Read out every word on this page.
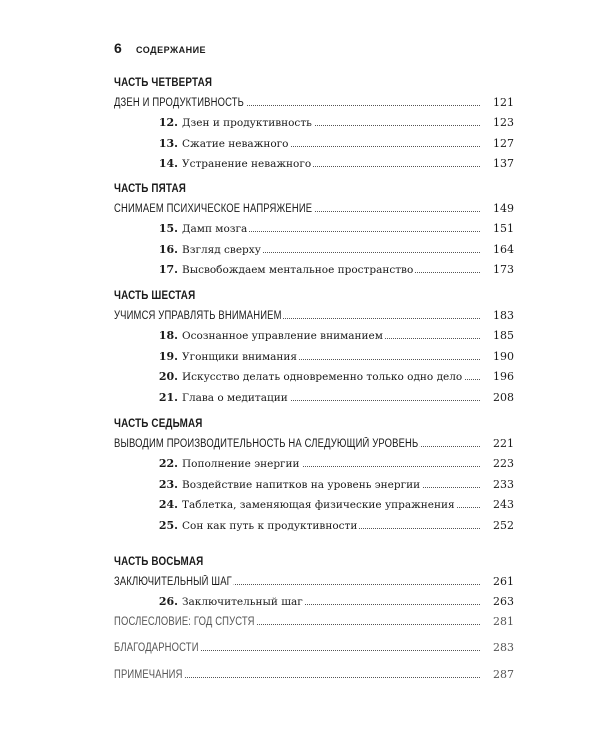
6	СОДЕРЖАНИЕ
ЧАСТЬ ЧЕТВЕРТАЯ
ДЗЕН И ПРОДУКТИВНОСТЬ	121
12. Дзен и продуктивность	123
13. Сжатие неважного	127
14. Устранение неважного	137
ЧАСТЬ ПЯТАЯ
СНИМАЕМ ПСИХИЧЕСКОЕ НАПРЯЖЕНИЕ	149
15. Дамп мозга	151
16. Взгляд сверху	164
17. Высвобождаем ментальное пространство	173
ЧАСТЬ ШЕСТАЯ
УЧИМСЯ УПРАВЛЯТЬ ВНИМАНИЕМ	183
18. Осознанное управление вниманием	185
19. Угонщики внимания	190
20. Искусство делать одновременно только одно дело	196
21. Глава о медитации	208
ЧАСТЬ СЕДЬМАЯ
ВЫВОДИМ ПРОИЗВОДИТЕЛЬНОСТЬ НА СЛЕДУЮЩИЙ УРОВЕНЬ	221
22. Пополнение энергии	223
23. Воздействие напитков на уровень энергии	233
24. Таблетка, заменяющая физические упражнения	243
25. Сон как путь к продуктивности	252
ЧАСТЬ ВОСЬМАЯ
ЗАКЛЮЧИТЕЛЬНЫЙ ШАГ	261
26. Заключительный шаг	263
ПОСЛЕСЛОВИЕ: ГОД СПУСТЯ	281
БЛАГОДАРНОСТИ	283
ПРИМЕЧАНИЯ	287
